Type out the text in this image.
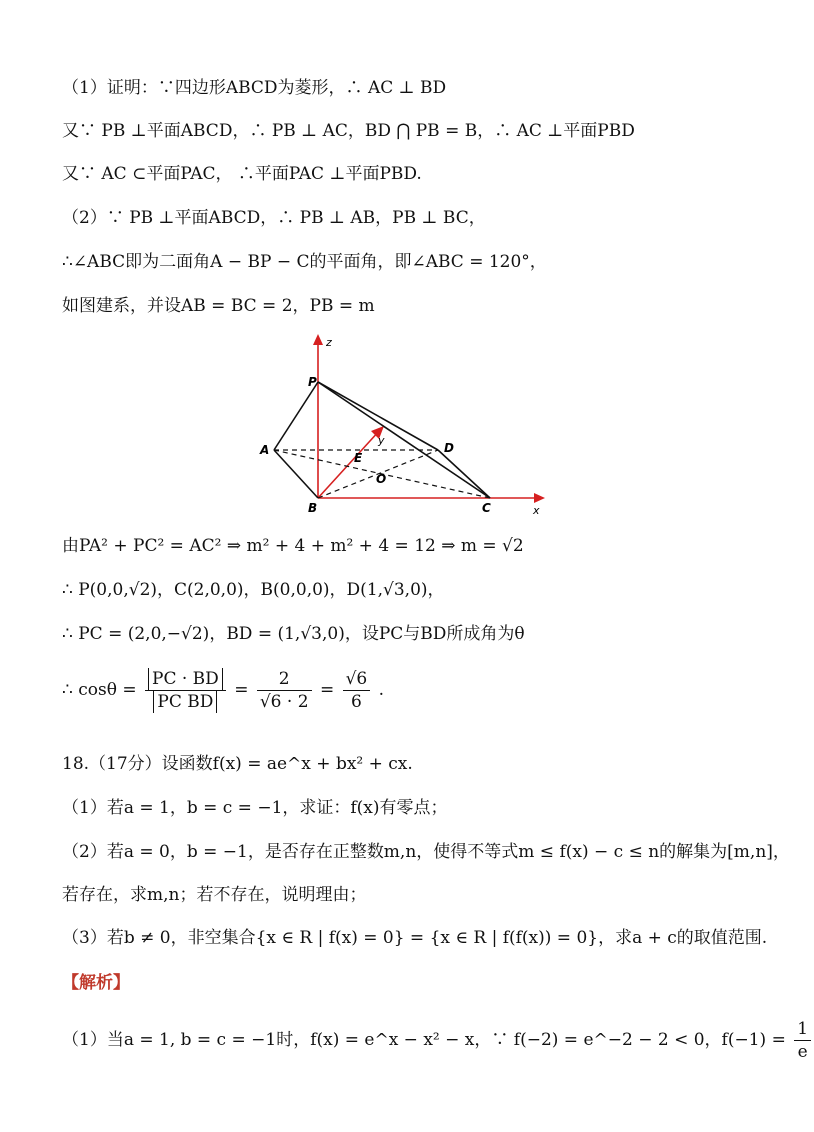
（1）证明：∵四边形ABCD为菱形，∴ AC ⊥ BD
又∵ PB ⊥平面ABCD，∴ PB ⊥ AC，BD ⋂ PB = B，∴ AC ⊥平面PBD
又∵ AC ⊂平面PAC， ∴平面PAC ⊥平面PBD.
（2）∵ PB ⊥平面ABCD，∴ PB ⊥ AB，PB ⊥ BC，
∴∠ABC即为二面角A − BP − C的平面角，即∠ABC = 120°，
如图建系，并设AB = BC = 2，PB = m
z
y
x
P
A
B	C
D
E
O
由PA² + PC² = AC² ⇒ m² + 4 + m² + 4 = 12 ⇒ m = √2
∴ P(0,0,√2)，C(2,0,0)，B(0,0,0)，D(1,√3,0)，
∴ PC = (2,0,−√2)，BD = (1,√3,0)，设PC与BD所成角为θ
∴ $\cos\theta = \frac{PC \cdot BD}{\text{PC BD}} = \frac{2}{√6 \cdot 2} = \frac{√6}{6}$ .
18.（17分）设函数f(x) = ae^x + bx² + cx.
（1）若a = 1，b = c = −1，求证：f(x)有零点；
（2）若a = 0，b = −1，是否存在正整数m,n，使得不等式m ≤ f(x) − c ≤ n的解集为[m,n]，
若存在，求m,n；若不存在，说明理由；
（3）若b ≠ 0，非空集合{x ∈ R | f(x) = 0} = {x ∈ R | f(f(x)) = 0}，求a + c的取值范围.
【解析】
（1）当a = 1, b = c = −1时，f(x) = e^x − x² − x，∵ f(−2) = e^−2 − 2 < 0，$f(-1) = \frac{1}{e}$
